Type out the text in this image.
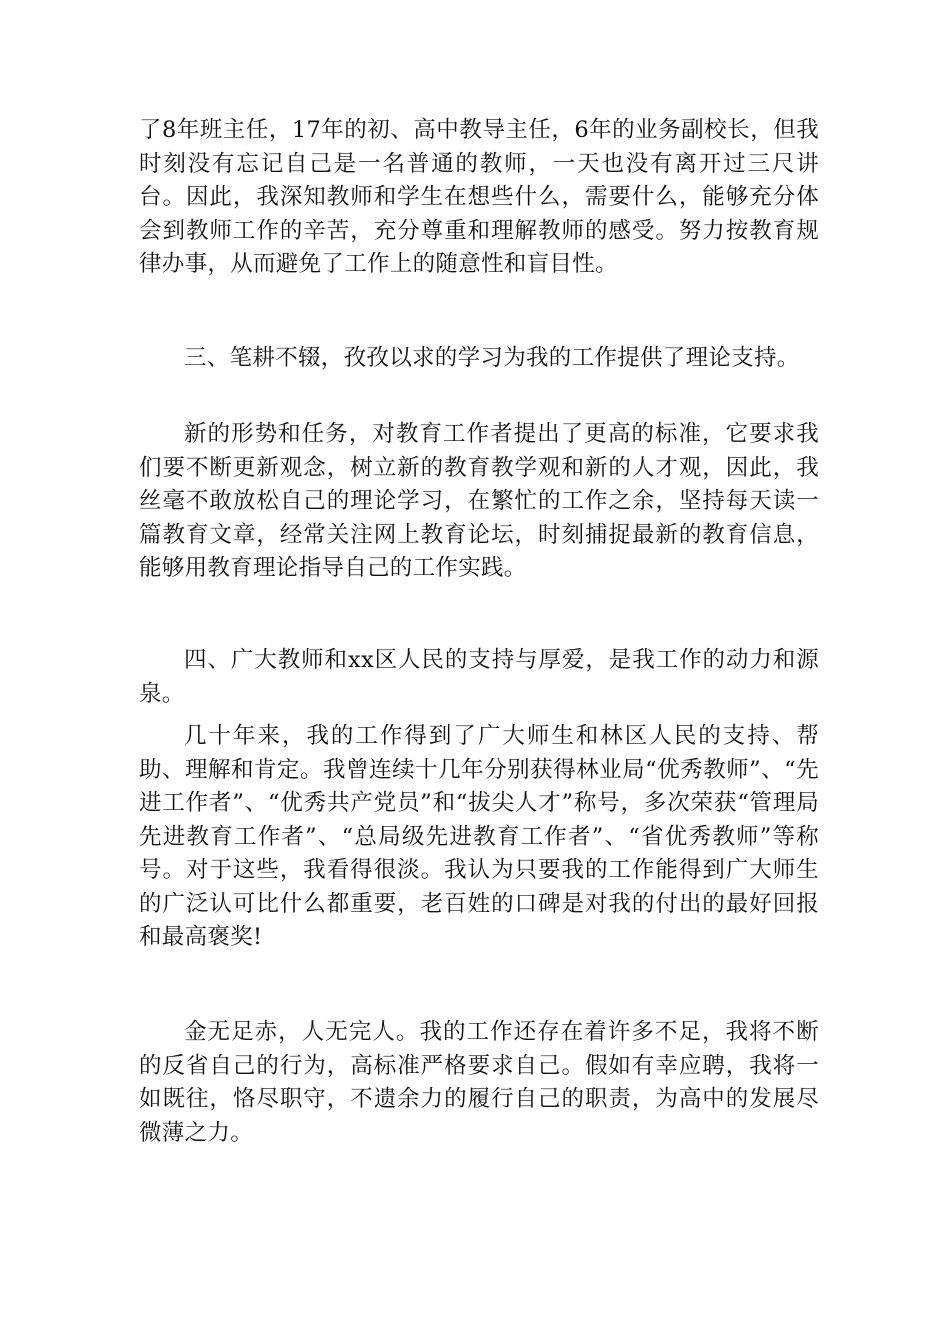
了8年班主任，17年的初、高中教导主任，6年的业务副校长，但我时刻没有忘记自己是一名普通的教师，一天也没有离开过三尺讲台。因此，我深知教师和学生在想些什么，需要什么，能够充分体会到教师工作的辛苦，充分尊重和理解教师的感受。努力按教育规律办事，从而避免了工作上的随意性和盲目性。

三、笔耕不辍，孜孜以求的学习为我的工作提供了理论支持。

新的形势和任务，对教育工作者提出了更高的标准，它要求我们要不断更新观念，树立新的教育教学观和新的人才观，因此，我丝毫不敢放松自己的理论学习，在繁忙的工作之余，坚持每天读一篇教育文章，经常关注网上教育论坛，时刻捕捉最新的教育信息，能够用教育理论指导自己的工作实践。

四、广大教师和xx区人民的支持与厚爱，是我工作的动力和源泉。

几十年来，我的工作得到了广大师生和林区人民的支持、帮助、理解和肯定。我曾连续十几年分别获得林业局“优秀教师”、“先进工作者”、“优秀共产党员”和“拔尖人才”称号，多次荣获“管理局先进教育工作者”、“总局级先进教育工作者”、“省优秀教师”等称号。对于这些，我看得很淡。我认为只要我的工作能得到广大师生的广泛认可比什么都重要，老百姓的口碑是对我的付出的最好回报和最高褒奖!

金无足赤，人无完人。我的工作还存在着许多不足，我将不断的反省自己的行为，高标准严格要求自己。假如有幸应聘，我将一如既往，恪尽职守，不遗余力的履行自己的职责，为高中的发展尽微薄之力。
